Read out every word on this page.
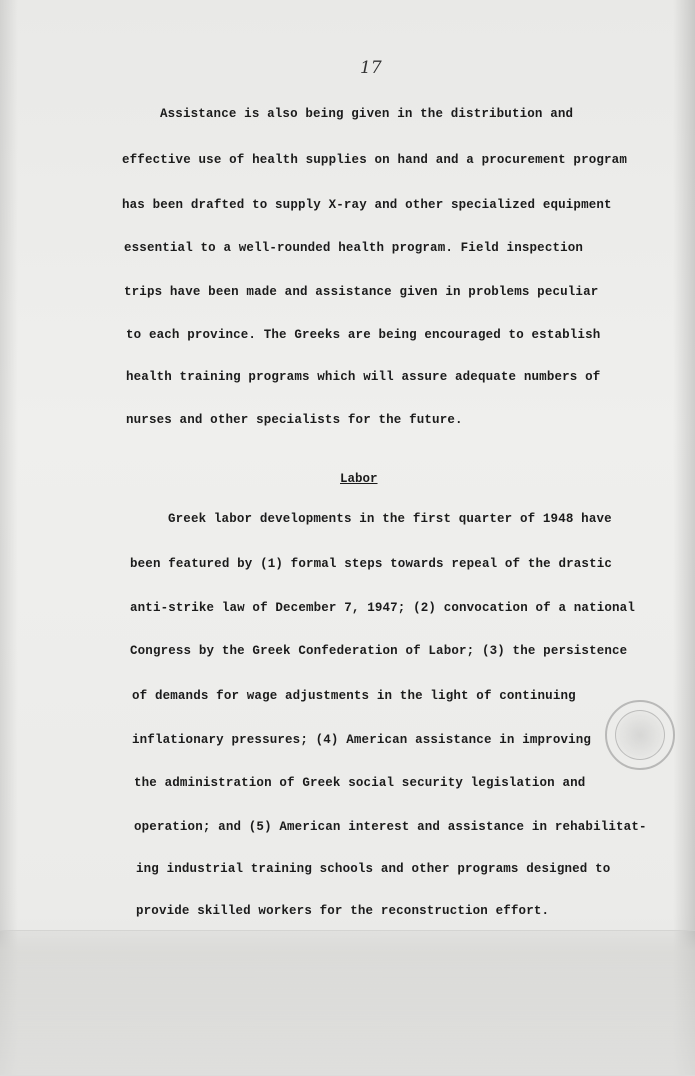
17
Assistance is also being given in the distribution and
effective use of health supplies on hand and a procurement program
has been drafted to supply X-ray and other specialized equipment
essential to a well-rounded health program. Field inspection
trips have been made and assistance given in problems peculiar
to each province. The Greeks are being encouraged to establish
health training programs which will assure adequate numbers of
nurses and other specialists for the future.
Labor
Greek labor developments in the first quarter of 1948 have
been featured by (1) formal steps towards repeal of the drastic
anti-strike law of December 7, 1947; (2) convocation of a national
Congress by the Greek Confederation of Labor; (3) the persistence
of demands for wage adjustments in the light of continuing
inflationary pressures; (4) American assistance in improving
the administration of Greek social security legislation and
operation; and (5) American interest and assistance in rehabilitat-
ing industrial training schools and other programs designed to
provide skilled workers for the reconstruction effort.
